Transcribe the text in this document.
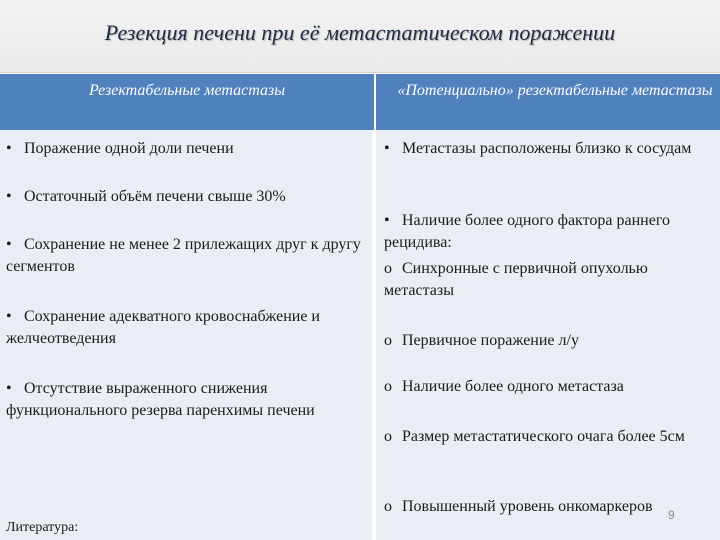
Резекция печени при её метастатическом поражении
Резектабельные метастазы	«Потенциально» резектабельные метастазы
• Поражение одной доли печени
• Остаточный объём печени свыше 30%
• Сохранение не менее 2 прилежащих друг к другу сегментов
• Сохранение адекватного кровоснабжение и желчеотведения
• Отсутствие выраженного снижения функционального резерва паренхимы печени
Литература:
• Метастазы расположены близко к сосудам
• Наличие более одного фактора раннего рецидива:
o Синхронные с первичной опухолью метастазы
o Первичное поражение л/у
o Наличие более одного метастаза
o Размер метастатического очага более 5см
o Повышенный уровень онкомаркеров 9
